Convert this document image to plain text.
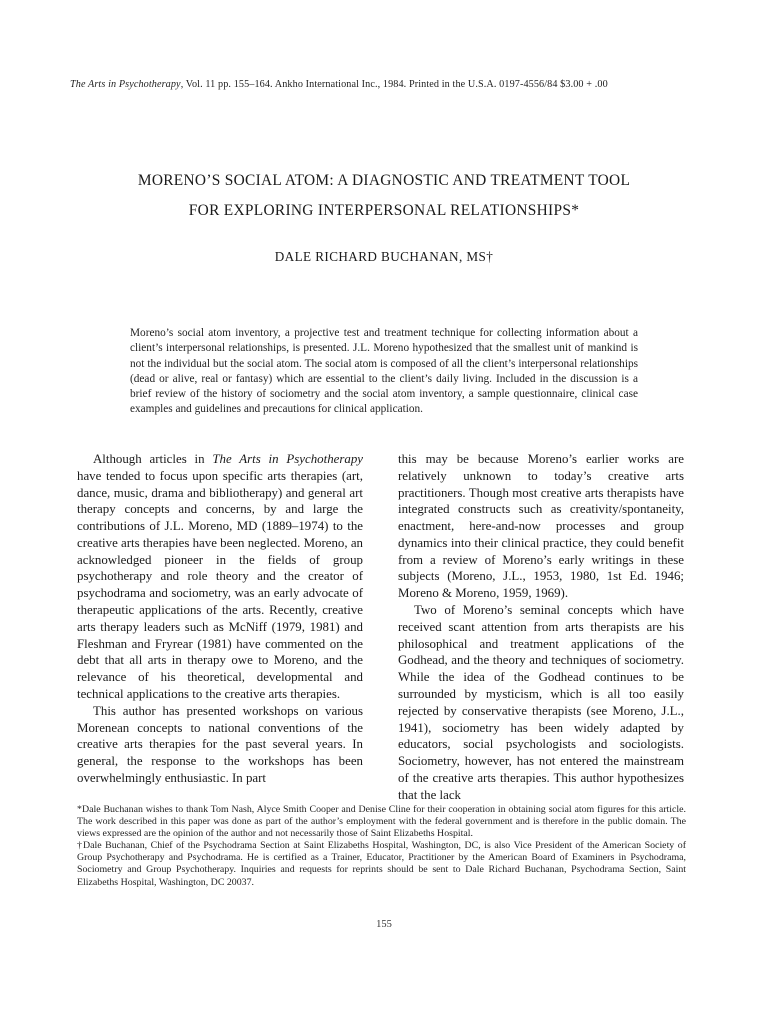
The Arts in Psychotherapy, Vol. 11 pp. 155–164. Ankho International Inc., 1984. Printed in the U.S.A. 0197-4556/84 $3.00 + .00
MORENO’S SOCIAL ATOM: A DIAGNOSTIC AND TREATMENT TOOL
FOR EXPLORING INTERPERSONAL RELATIONSHIPS*
DALE RICHARD BUCHANAN, MS†
Moreno’s social atom inventory, a projective test and treatment technique for collecting information about a client’s interpersonal relationships, is presented. J.L. Moreno hypothesized that the smallest unit of mankind is not the individual but the social atom. The social atom is composed of all the client’s interpersonal relationships (dead or alive, real or fantasy) which are essential to the client’s daily living. Included in the discussion is a brief review of the history of sociometry and the social atom inventory, a sample questionnaire, clinical case examples and guidelines and precautions for clinical application.

Although articles in The Arts in Psychotherapy have tended to focus upon specific arts therapies (art, dance, music, drama and bibliotherapy) and general art therapy concepts and concerns, by and large the contributions of J.L. Moreno, MD (1889–1974) to the creative arts therapies have been neglected. Moreno, an acknowledged pioneer in the fields of group psychotherapy and role theory and the creator of psychodrama and sociometry, was an early advocate of therapeutic applications of the arts. Recently, creative arts therapy leaders such as McNiff (1979, 1981) and Fleshman and Fryrear (1981) have commented on the debt that all arts in therapy owe to Moreno, and the relevance of his theoretical, developmental and technical applications to the creative arts therapies.

This author has presented workshops on various Morenean concepts to national conventions of the creative arts therapies for the past several years. In general, the response to the workshops has been overwhelmingly enthusiastic. In part

this may be because Moreno’s earlier works are relatively unknown to today’s creative arts practitioners. Though most creative arts therapists have integrated constructs such as creativity/spontaneity, enactment, here-and-now processes and group dynamics into their clinical practice, they could benefit from a review of Moreno’s early writings in these subjects (Moreno, J.L., 1953, 1980, 1st Ed. 1946; Moreno & Moreno, 1959, 1969).

Two of Moreno’s seminal concepts which have received scant attention from arts therapists are his philosophical and treatment applications of the Godhead, and the theory and techniques of sociometry. While the idea of the Godhead continues to be surrounded by mysticism, which is all too easily rejected by conservative therapists (see Moreno, J.L., 1941), sociometry has been widely adapted by educators, social psychologists and sociologists. Sociometry, however, has not entered the mainstream of the creative arts therapies. This author hypothesizes that the lack

*Dale Buchanan wishes to thank Tom Nash, Alyce Smith Cooper and Denise Cline for their cooperation in obtaining social atom figures for this article. The work described in this paper was done as part of the author’s employment with the federal government and is therefore in the public domain. The views expressed are the opinion of the author and not necessarily those of Saint Elizabeths Hospital.

†Dale Buchanan, Chief of the Psychodrama Section at Saint Elizabeths Hospital, Washington, DC, is also Vice President of the American Society of Group Psychotherapy and Psychodrama. He is certified as a Trainer, Educator, Practitioner by the American Board of Examiners in Psychodrama, Sociometry and Group Psychotherapy. Inquiries and requests for reprints should be sent to Dale Richard Buchanan, Psychodrama Section, Saint Elizabeths Hospital, Washington, DC 20037.

155
